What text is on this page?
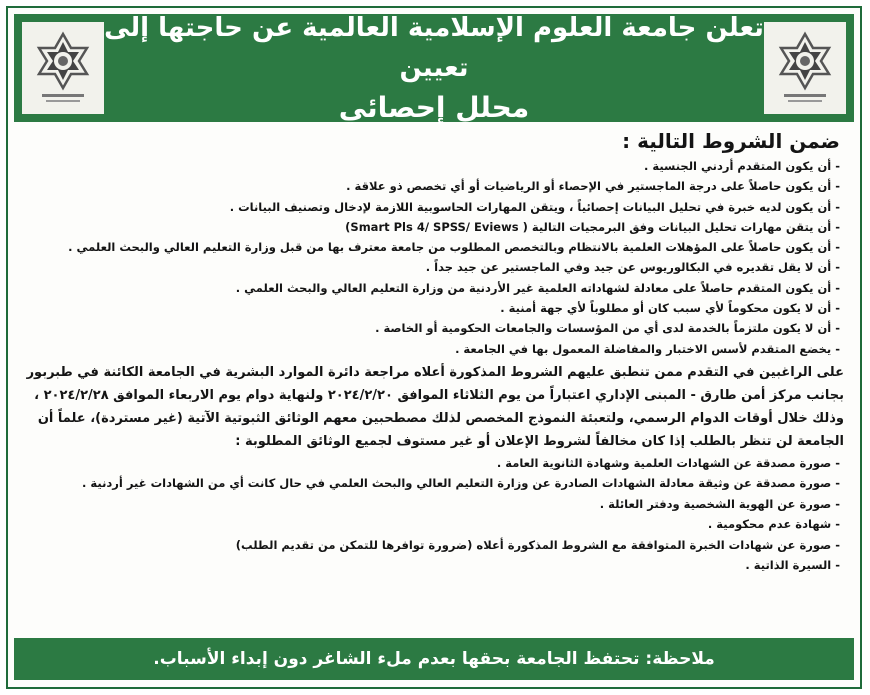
تعلن جامعة العلوم الإسلامية العالمية عن حاجتها إلى تعيين
محلل إحصائي
ضمن الشروط التالية :
- أن يكون المتقدم أردني الجنسية .
- أن يكون حاصلاً على درجة الماجستير في الإحصاء أو الرياضيات أو أي تخصص ذو علاقة .
- أن يكون لديه خبرة في تحليل البيانات إحصائياً ، ويتقن المهارات الحاسوبية اللازمة لإدخال وتصنيف البيانات .
- أن يتقن مهارات تحليل البيانات وفق البرمجيات التالية ( Smart Pls 4/ SPSS/ Eviews)
- أن يكون حاصلاً على المؤهلات العلمية بالانتظام وبالتخصص المطلوب من جامعة معترف بها من قبل وزارة التعليم العالي والبحث العلمي .
- أن لا يقل تقديره في البكالوريوس عن جيد وفي الماجستير عن جيد جداً .
- أن يكون المتقدم حاصلاً على معادلة لشهاداته العلمية غير الأردنية من وزارة التعليم العالي والبحث العلمي .
- أن لا يكون محكوماً لأي سبب كان أو مطلوباً لأي جهة أمنية .
- أن لا يكون ملتزماً بالخدمة لدى أي من المؤسسات والجامعات الحكومية أو الخاصة .
- يخضع المتقدم لأسس الاختبار والمفاضلة المعمول بها في الجامعة .

على الراغبين في التقدم ممن تنطبق عليهم الشروط المذكورة أعلاه مراجعة دائرة الموارد البشرية في الجامعة الكائنة في طبربور بجانب مركز أمن طارق - المبنى الإداري اعتباراً من يوم الثلاثاء الموافق ٢٠٢٤/٢/٢٠ ولنهاية دوام يوم الاربعاء الموافق ٢٠٢٤/٢/٢٨ ، وذلك خلال أوقات الدوام الرسمي، ولتعبئة النموذج المخصص لذلك مصطحبين معهم الوثائق الثبوتية الآتية (غير مستردة)، علماً أن الجامعة لن تنظر بالطلب إذا كان مخالفاً لشروط الإعلان أو غير مستوف لجميع الوثائق المطلوبة :

- صورة مصدقة عن الشهادات العلمية وشهادة الثانوية العامة .
- صورة مصدقة عن وثيقة معادلة الشهادات الصادرة عن وزارة التعليم العالي والبحث العلمي في حال كانت أي من الشهادات غير أردنية .
- صورة عن الهوية الشخصية ودفتر العائلة .
- شهادة عدم محكومية .
- صورة عن شهادات الخبرة المتوافقة مع الشروط المذكورة أعلاه (ضرورة توافرها للتمكن من تقديم الطلب)
- السيرة الذاتية .
ملاحظة: تحتفظ الجامعة بحقها بعدم ملء الشاغر دون إبداء الأسباب.
